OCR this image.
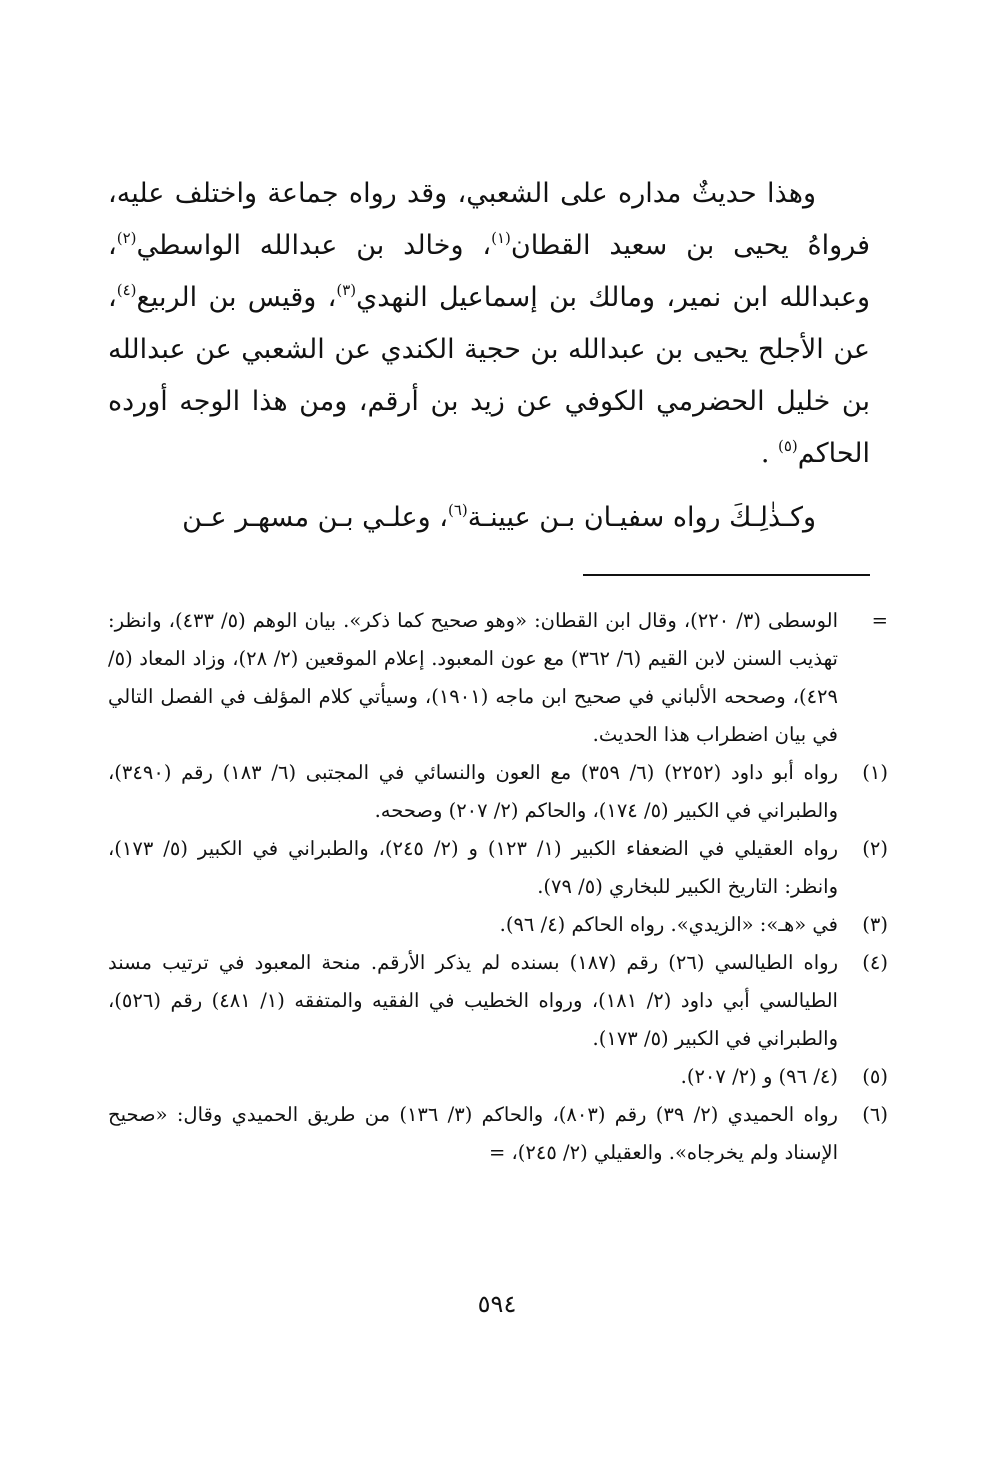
وهذا حديثٌ مداره على الشعبي، وقد رواه جماعة واختلف عليه، فرواهُ يحيى بن سعيد القطان$^{(١)}$، وخالد بن عبدالله الواسطي$^{(٢)}$، وعبدالله ابن نمير، ومالك بن إسماعيل النهدي$^{(٣)}$، وقيس بن الربيع$^{(٤)}$، عن الأجلح يحيى بن عبدالله بن حجية الكندي عن الشعبي عن عبدالله بن خليل الحضرمي الكوفي عن زيد بن أرقم، ومن هذا الوجه أورده الحاكم$^{(٥)}$ .

وكـذٰلِـكَ رواه سفيـان بـن عيينـة$^{(٦)}$، وعلـي بـن مسهـر عـن

=
الوسطى (٣/ ٢٢٠)، وقال ابن القطان: «وهو صحيح كما ذكر». بيان الوهم (٥/ ٤٣٣)، وانظر: تهذيب السنن لابن القيم (٦/ ٣٦٢) مع عون المعبود. إعلام الموقعين (٢/ ٢٨)، وزاد المعاد (٥/ ٤٢٩)، وصححه الألباني في صحيح ابن ماجه (١٩٠١)، وسيأتي كلام المؤلف في الفصل التالي في بيان اضطراب هذا الحديث.
(١)
رواه أبو داود (٢٢٥٢) (٦/ ٣٥٩) مع العون والنسائي في المجتبى (٦/ ١٨٣) رقم (٣٤٩٠)، والطبراني في الكبير (٥/ ١٧٤)، والحاكم (٢/ ٢٠٧) وصححه.
(٢)
رواه العقيلي في الضعفاء الكبير (١/ ١٢٣) و (٢/ ٢٤٥)، والطبراني في الكبير (٥/ ١٧٣)، وانظر: التاريخ الكبير للبخاري (٥/ ٧٩).
(٣)
في «هـ»: «الزيدي». رواه الحاكم (٤/ ٩٦).
(٤)
رواه الطيالسي (٢٦) رقم (١٨٧) بسنده لم يذكر الأرقم. منحة المعبود في ترتيب مسند الطيالسي أبي داود (٢/ ١٨١)، ورواه الخطيب في الفقيه والمتفقه (١/ ٤٨١) رقم (٥٢٦)، والطبراني في الكبير (٥/ ١٧٣).
(٥)
(٤/ ٩٦) و (٢/ ٢٠٧).
(٦)
رواه الحميدي (٢/ ٣٩) رقم (٨٠٣)، والحاكم (٣/ ١٣٦) من طريق الحميدي وقال: «صحيح الإسناد ولم يخرجاه». والعقيلي (٢/ ٢٤٥)، =
٥٩٤
